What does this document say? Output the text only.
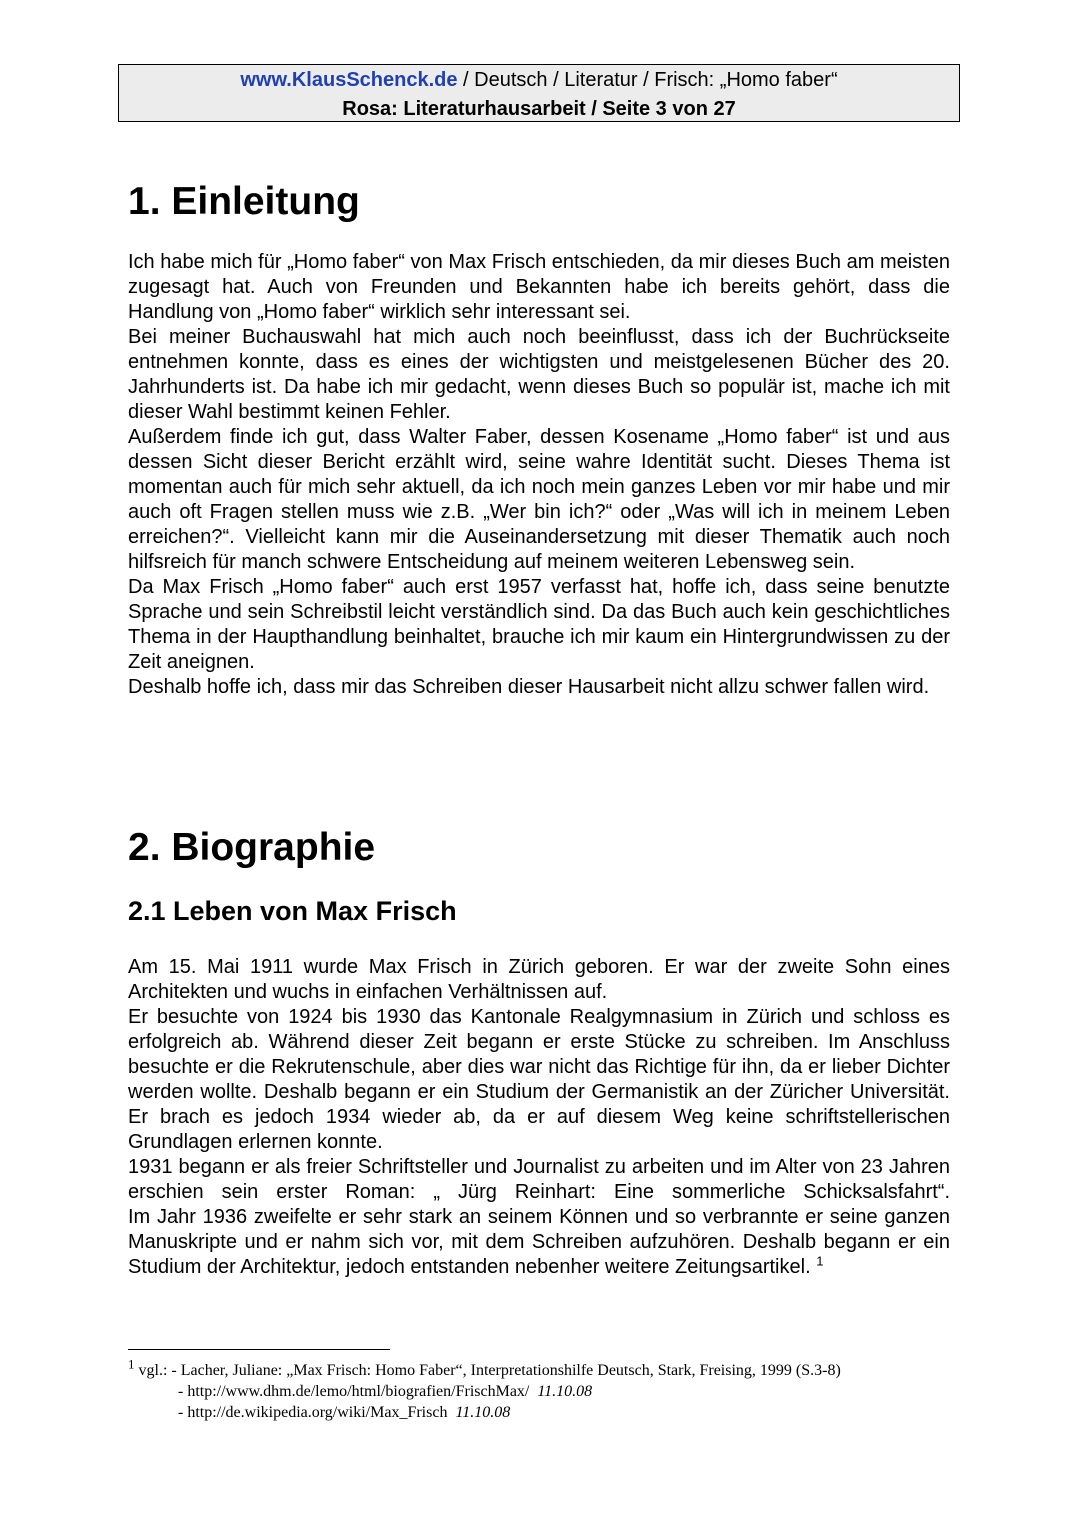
www.KlausSchenck.de / Deutsch / Literatur / Frisch: „Homo faber“
Rosa: Literaturhausarbeit / Seite 3 von 27
1. Einleitung

Ich habe mich für „Homo faber“ von Max Frisch entschieden, da mir dieses Buch am meisten zugesagt hat. Auch von Freunden und Bekannten habe ich bereits gehört, dass die Handlung von „Homo faber“ wirklich sehr interessant sei.

Bei meiner Buchauswahl hat mich auch noch beeinflusst, dass ich der Buchrückseite entnehmen konnte, dass es eines der wichtigsten und meistgelesenen Bücher des 20. Jahrhunderts ist. Da habe ich mir gedacht, wenn dieses Buch so populär ist, mache ich mit dieser Wahl bestimmt keinen Fehler.

Außerdem finde ich gut, dass Walter Faber, dessen Kosename „Homo faber“ ist und aus dessen Sicht dieser Bericht erzählt wird, seine wahre Identität sucht. Dieses Thema ist momentan auch für mich sehr aktuell, da ich noch mein ganzes Leben vor mir habe und mir auch oft Fragen stellen muss wie z.B. „Wer bin ich?“ oder „Was will ich in meinem Leben erreichen?“. Vielleicht kann mir die Auseinandersetzung mit dieser Thematik auch noch hilfsreich für manch schwere Entscheidung auf meinem weiteren Lebensweg sein.

Da Max Frisch „Homo faber“ auch erst 1957 verfasst hat, hoffe ich, dass seine benutzte Sprache und sein Schreibstil leicht verständlich sind. Da das Buch auch kein geschichtliches Thema in der Haupthandlung beinhaltet, brauche ich mir kaum ein Hintergrundwissen zu der Zeit aneignen.

Deshalb hoffe ich, dass mir das Schreiben dieser Hausarbeit nicht allzu schwer fallen wird.

2. Biographie
2.1 Leben von Max Frisch

Am 15. Mai 1911 wurde Max Frisch in Zürich geboren. Er war der zweite Sohn eines Architekten und wuchs in einfachen Verhältnissen auf.

Er besuchte von 1924 bis 1930 das Kantonale Realgymnasium in Zürich und schloss es erfolgreich ab. Während dieser Zeit begann er erste Stücke zu schreiben. Im Anschluss besuchte er die Rekrutenschule, aber dies war nicht das Richtige für ihn, da er lieber Dichter werden wollte. Deshalb begann er ein Studium der Germanistik an der Züricher Universität. Er brach es jedoch 1934 wieder ab, da er auf diesem Weg keine schriftstellerischen Grundlagen erlernen konnte.

1931 begann er als freier Schriftsteller und Journalist zu arbeiten und im Alter von 23 Jahren erschien sein erster Roman: „ Jürg Reinhart: Eine sommerliche Schicksalsfahrt“.

Im Jahr 1936 zweifelte er sehr stark an seinem Können und so verbrannte er seine ganzen Manuskripte und er nahm sich vor, mit dem Schreiben aufzuhören. Deshalb begann er ein Studium der Architektur, jedoch entstanden nebenher weitere Zeitungsartikel. $^1$

$^1$ vgl.: - Lacher, Juliane: „Max Frisch: Homo Faber“, Interpretationshilfe Deutsch, Stark, Freising, 1999 (S.3-8)

- http://www.dhm.de/lemo/html/biografien/FrischMax/ 11.10.08

- http://de.wikipedia.org/wiki/Max_Frisch 11.10.08
